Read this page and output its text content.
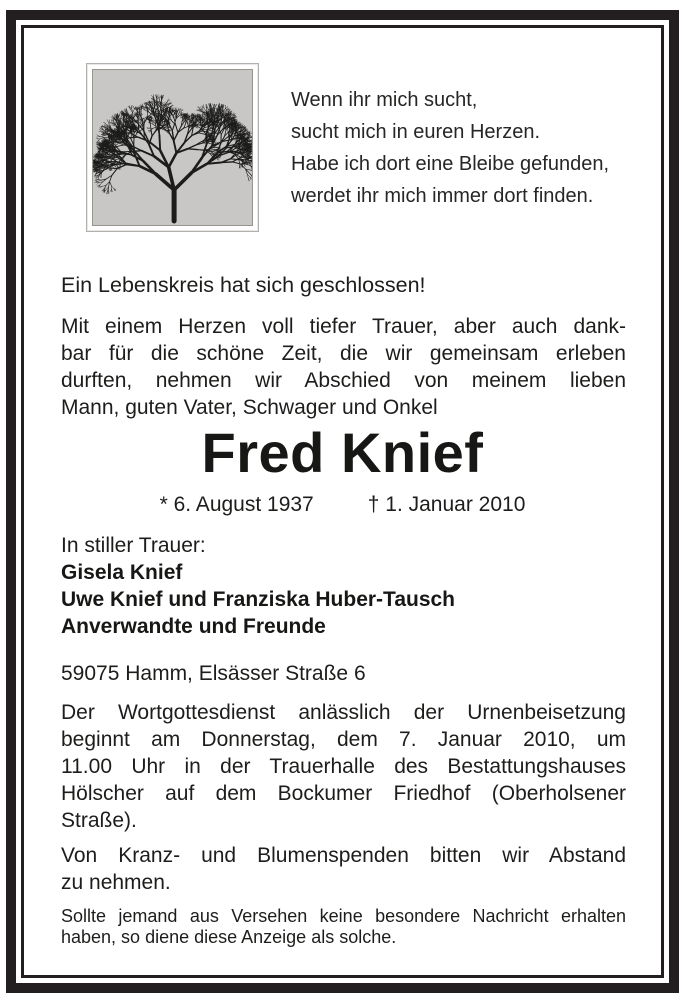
Wenn ihr mich sucht,
sucht mich in euren Herzen.
Habe ich dort eine Bleibe gefunden,
werdet ihr mich immer dort finden.
Ein Lebenskreis hat sich geschlossen!
Mit einem Herzen voll tiefer Trauer, aber auch dank-
bar für die schöne Zeit, die wir gemeinsam erleben
durften, nehmen wir Abschied von meinem lieben
Mann, guten Vater, Schwager und Onkel
Fred Knief
* 6. August 1937	† 1. Januar 2010
In stiller Trauer:
Gisela Knief
Uwe Knief und Franziska Huber-Tausch
Anverwandte und Freunde
59075 Hamm, Elsässer Straße 6
Der Wortgottesdienst anlässlich der Urnenbeisetzung
beginnt am Donnerstag, dem 7. Januar 2010, um
11.00 Uhr in der Trauerhalle des Bestattungshauses
Hölscher auf dem Bockumer Friedhof (Oberholsener
Straße).
Von Kranz- und Blumenspenden bitten wir Abstand
zu nehmen.
Sollte jemand aus Versehen keine besondere Nachricht erhalten
haben, so diene diese Anzeige als solche.
